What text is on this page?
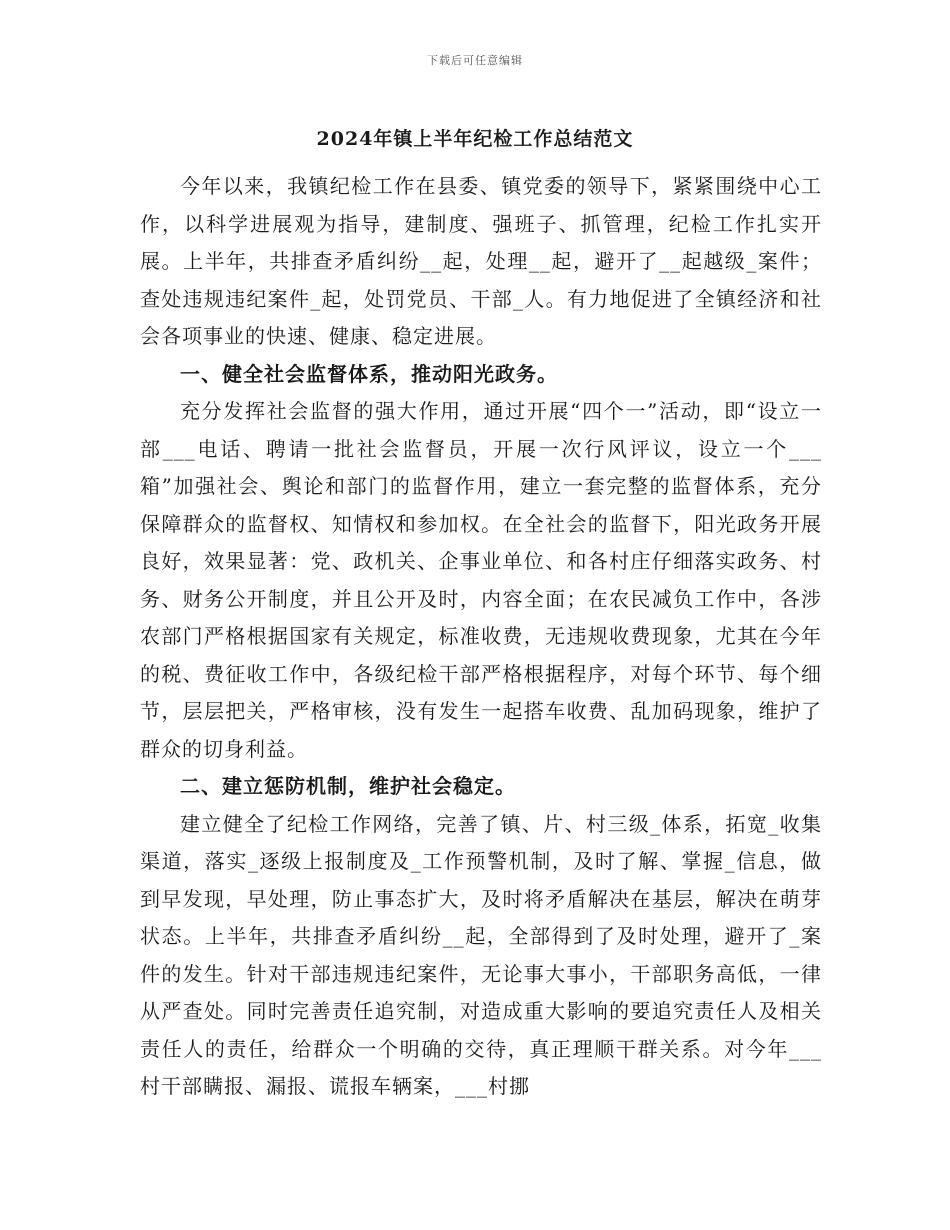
下载后可任意编辑
2024年镇上半年纪检工作总结范文

今年以来，我镇纪检工作在县委、镇党委的领导下，紧紧围绕中心工作，以科学进展观为指导，建制度、强班子、抓管理，纪检工作扎实开展。上半年，共排查矛盾纠纷__起，处理__起，避开了__起越级_案件；查处违规违纪案件_起，处罚党员、干部_人。有力地促进了全镇经济和社会各项事业的快速、健康、稳定进展。

一、健全社会监督体系，推动阳光政务。

充分发挥社会监督的强大作用，通过开展“四个一”活动，即“设立一部___电话、聘请一批社会监督员，开展一次行风评议，设立一个___箱”加强社会、舆论和部门的监督作用，建立一套完整的监督体系，充分保障群众的监督权、知情权和参加权。在全社会的监督下，阳光政务开展良好，效果显著：党、政机关、企事业单位、和各村庄仔细落实政务、村务、财务公开制度，并且公开及时，内容全面；在农民减负工作中，各涉农部门严格根据国家有关规定，标准收费，无违规收费现象，尤其在今年的税、费征收工作中，各级纪检干部严格根据程序，对每个环节、每个细节，层层把关，严格审核，没有发生一起搭车收费、乱加码现象，维护了群众的切身利益。

二、建立惩防机制，维护社会稳定。

建立健全了纪检工作网络，完善了镇、片、村三级_体系，拓宽_收集渠道，落实_逐级上报制度及_工作预警机制，及时了解、掌握_信息，做到早发现，早处理，防止事态扩大，及时将矛盾解决在基层，解决在萌芽状态。上半年，共排查矛盾纠纷__起，全部得到了及时处理，避开了_案件的发生。针对干部违规违纪案件，无论事大事小，干部职务高低，一律从严查处。同时完善责任追究制，对造成重大影响的要追究责任人及相关责任人的责任，给群众一个明确的交待，真正理顺干群关系。对今年___村干部瞒报、漏报、谎报车辆案，___村挪
